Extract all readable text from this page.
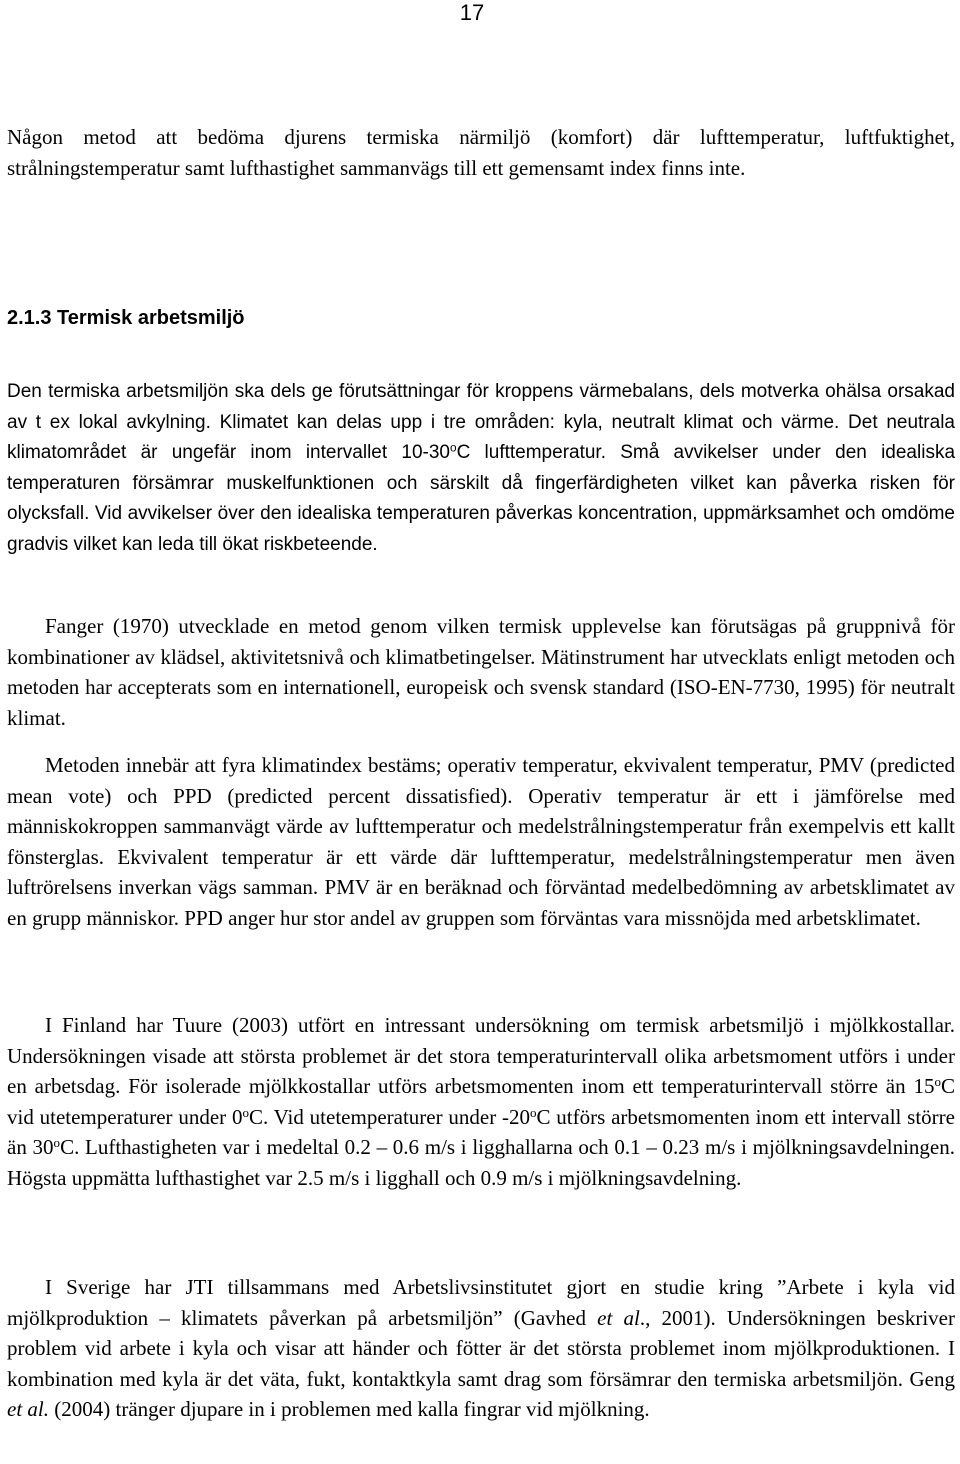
17

Någon metod att bedöma djurens termiska närmiljö (komfort) där lufttemperatur, luftfuktighet, strålningstemperatur samt lufthastighet sammanvägs till ett gemensamt index finns inte.

2.1.3 Termisk arbetsmiljö

Den termiska arbetsmiljön ska dels ge förutsättningar för kroppens värmebalans, dels motverka ohälsa orsakad av t ex lokal avkylning. Klimatet kan delas upp i tre områden: kyla, neutralt klimat och värme. Det neutrala klimatområdet är ungefär inom intervallet 10-30$^o$C lufttemperatur. Små avvikelser under den idealiska temperaturen försämrar muskelfunktionen och särskilt då fingerfärdigheten vilket kan påverka risken för olycksfall. Vid avvikelser över den idealiska temperaturen påverkas koncentration, uppmärksamhet och omdöme gradvis vilket kan leda till ökat riskbeteende.

Fanger (1970) utvecklade en metod genom vilken termisk upplevelse kan förutsägas på gruppnivå för kombinationer av klädsel, aktivitetsnivå och klimatbetingelser. Mätinstrument har utvecklats enligt metoden och metoden har accepterats som en internationell, europeisk och svensk standard (ISO-EN-7730, 1995) för neutralt klimat.

Metoden innebär att fyra klimatindex bestäms; operativ temperatur, ekvivalent temperatur, PMV (predicted mean vote) och PPD (predicted percent dissatisfied). Operativ temperatur är ett i jämförelse med människokroppen sammanvägt värde av lufttemperatur och medelstrålningstemperatur från exempelvis ett kallt fönsterglas. Ekvivalent temperatur är ett värde där lufttemperatur, medelstrålningstemperatur men även luftrörelsens inverkan vägs samman. PMV är en beräknad och förväntad medelbedömning av arbetsklimatet av en grupp människor. PPD anger hur stor andel av gruppen som förväntas vara missnöjda med arbetsklimatet.

I Finland har Tuure (2003) utfört en intressant undersökning om termisk arbetsmiljö i mjölkkostallar. Undersökningen visade att största problemet är det stora temperaturintervall olika arbetsmoment utförs i under en arbetsdag. För isolerade mjölkkostallar utförs arbetsmomenten inom ett temperaturintervall större än 15$^o$C vid utetemperaturer under 0$^o$C. Vid utetemperaturer under -20$^o$C utförs arbetsmomenten inom ett intervall större än 30$^o$C. Lufthastigheten var i medeltal 0.2 – 0.6 m/s i ligghallarna och 0.1 – 0.23 m/s i mjölkningsavdelningen. Högsta uppmätta lufthastighet var 2.5 m/s i ligghall och 0.9 m/s i mjölkningsavdelning.

I Sverige har JTI tillsammans med Arbetslivsinstitutet gjort en studie kring ”Arbete i kyla vid mjölkproduktion – klimatets påverkan på arbetsmiljön” (Gavhed et al., 2001). Undersökningen beskriver problem vid arbete i kyla och visar att händer och fötter är det största problemet inom mjölkproduktionen. I kombination med kyla är det väta, fukt, kontaktkyla samt drag som försämrar den termiska arbetsmiljön. Geng et al. (2004) tränger djupare in i problemen med kalla fingrar vid mjölkning.
